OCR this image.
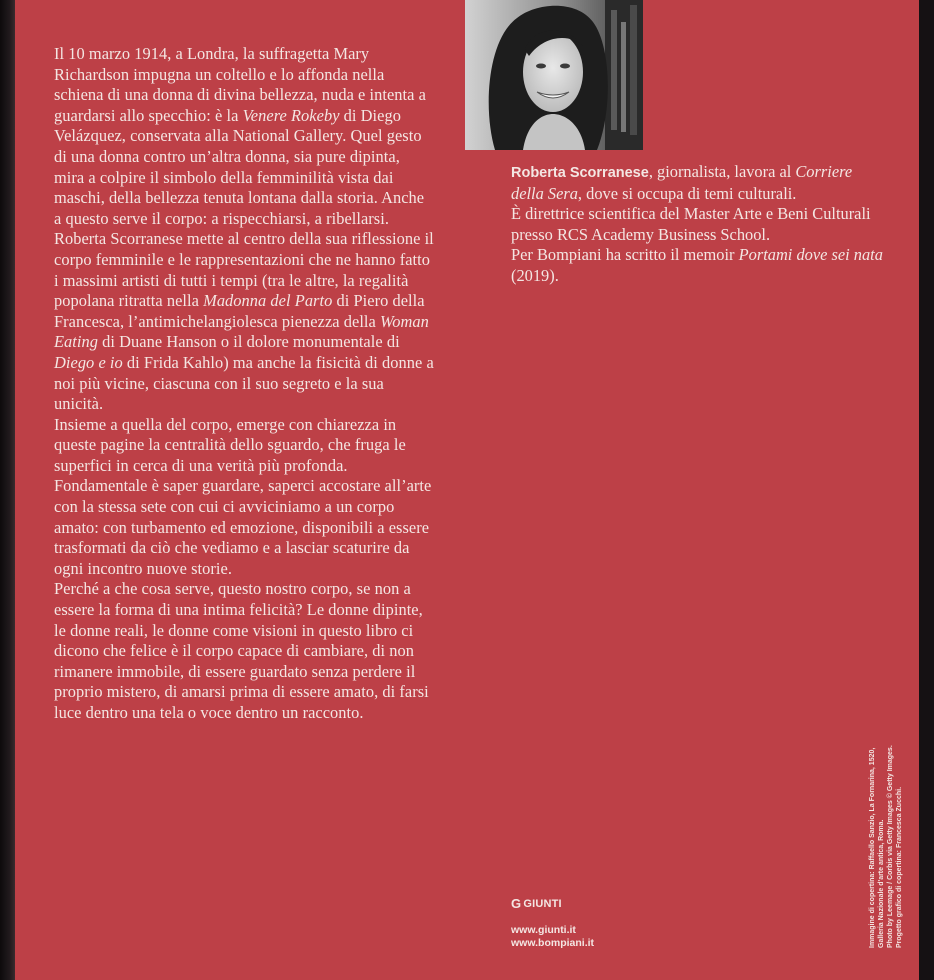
Il 10 marzo 1914, a Londra, la suffragetta Mary Richardson impugna un coltello e lo affonda nella schiena di una donna di divina bellezza, nuda e intenta a guardarsi allo specchio: è la Venere Rokeby di Diego Velázquez, conservata alla National Gallery. Quel gesto di una donna contro un’altra donna, sia pure dipinta, mira a colpire il simbolo della femminilità vista dai maschi, della bellezza tenuta lontana dalla storia. Anche a questo serve il corpo: a rispecchiarsi, a ribellarsi. Roberta Scorranese mette al centro della sua riflessione il corpo femminile e le rappresentazioni che ne hanno fatto i massimi artisti di tutti i tempi (tra le altre, la regalità popolana ritratta nella Madonna del Parto di Piero della Francesca, l’antimichelangiolesca pienezza della Woman Eating di Duane Hanson o il dolore monumentale di Diego e io di Frida Kahlo) ma anche la fisicità di donne a noi più vicine, ciascuna con il suo segreto e la sua unicità.

Insieme a quella del corpo, emerge con chiarezza in queste pagine la centralità dello sguardo, che fruga le superfici in cerca di una verità più profonda. Fondamentale è saper guardare, saperci accostare all’arte con la stessa sete con cui ci avviciniamo a un corpo amato: con turbamento ed emozione, disponibili a essere trasformati da ciò che vediamo e a lasciar scaturire da ogni incontro nuove storie.

Perché a che cosa serve, questo nostro corpo, se non a essere la forma di una intima felicità? Le donne dipinte, le donne reali, le donne come visioni in questo libro ci dicono che felice è il corpo capace di cambiare, di non rimanere immobile, di essere guardato senza perdere il proprio mistero, di amarsi prima di essere amato, di farsi luce dentro una tela o voce dentro un racconto.

Roberta Scorranese, giornalista, lavora al Corriere della Sera, dove si occupa di temi culturali.

È direttrice scientifica del Master Arte e Beni Culturali presso RCS Academy Business School.

Per Bompiani ha scritto il memoir Portami dove sei nata (2019).

G GIUNTI
www.giunti.it
www.bompiani.it	Immagine di copertina: Raffaello Sanzio, La Fornarina, 1520, Galleria Nazionale d'arte antica, Roma. Photo by Leemage / Corbis via Getty Images © Getty Images. Progetto grafico di copertina: Francesca Zucchi.
